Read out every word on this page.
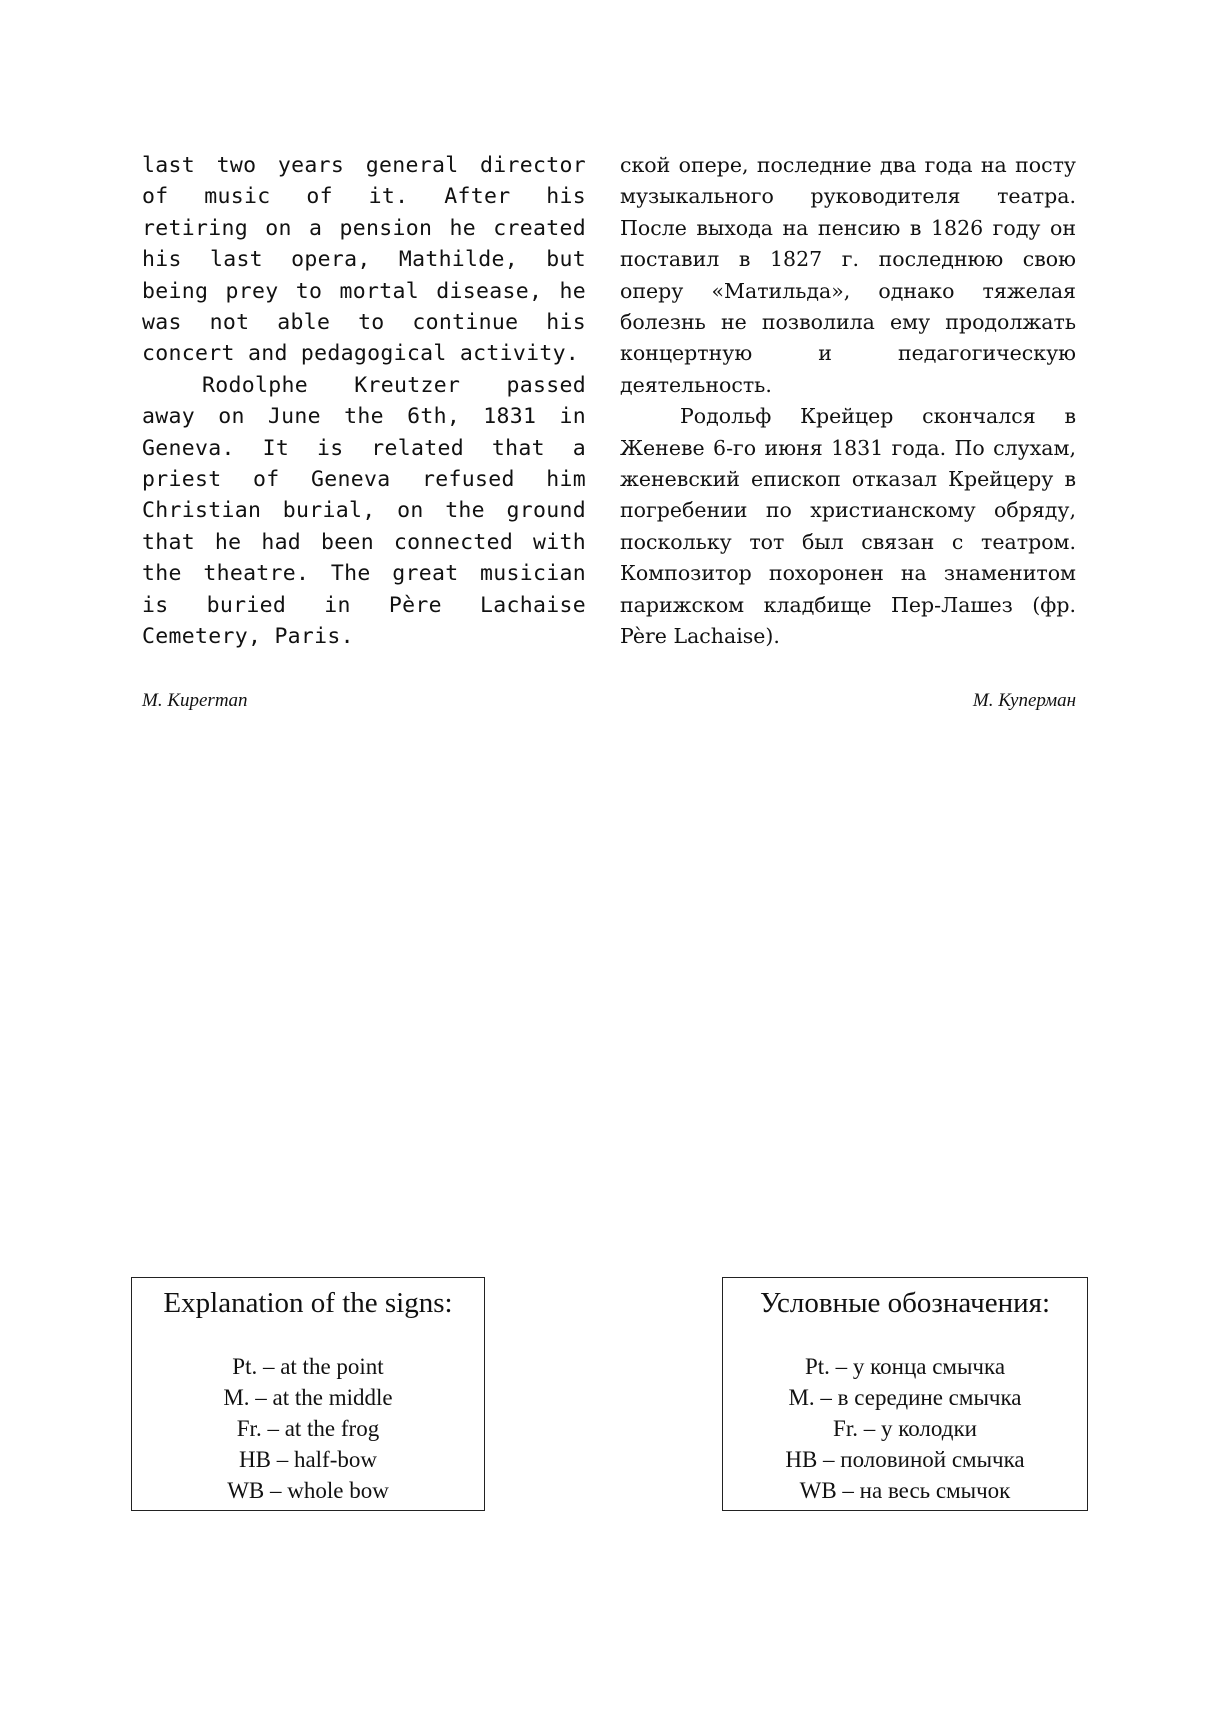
last two years general director of music of it. After his retiring on a pension he created his last opera, Mathilde, but being prey to mortal disease, he was not able to continue his concert and pedagogical activity.

Rodolphe Kreutzer passed away on June the 6th, 1831 in Geneva. It is related that a priest of Geneva refused him Christian burial, on the ground that he had been connected with the theatre. The great musician is buried in Père Lachaise Cemetery, Paris.

ской опере, последние два года на посту музыкального руководителя театра. После выхода на пенсию в 1826 году он поставил в 1827 г. последнюю свою оперу «Матильда», однако тяжелая болезнь не позволила ему продолжать концертную и педагогическую деятельность.

Родольф Крейцер скончался в Женеве 6-го июня 1831 года. По слухам, женевский епископ отказал Крейцеру в погребении по христианскому обряду, поскольку тот был связан с театром. Композитор похоронен на знаменитом парижском кладбище Пер-Лашез (фр. Père Lachaise).

M. Kuperman	М. Куперман
Explanation of the signs:
Pt. – at the point
M. – at the middle
Fr. – at the frog
HB – half-bow
WB – whole bow
Условные обозначения:
Pt. – у конца смычка
M. – в середине смычка
Fr. – у колодки
HB – половиной смычка
WB – на весь смычок
